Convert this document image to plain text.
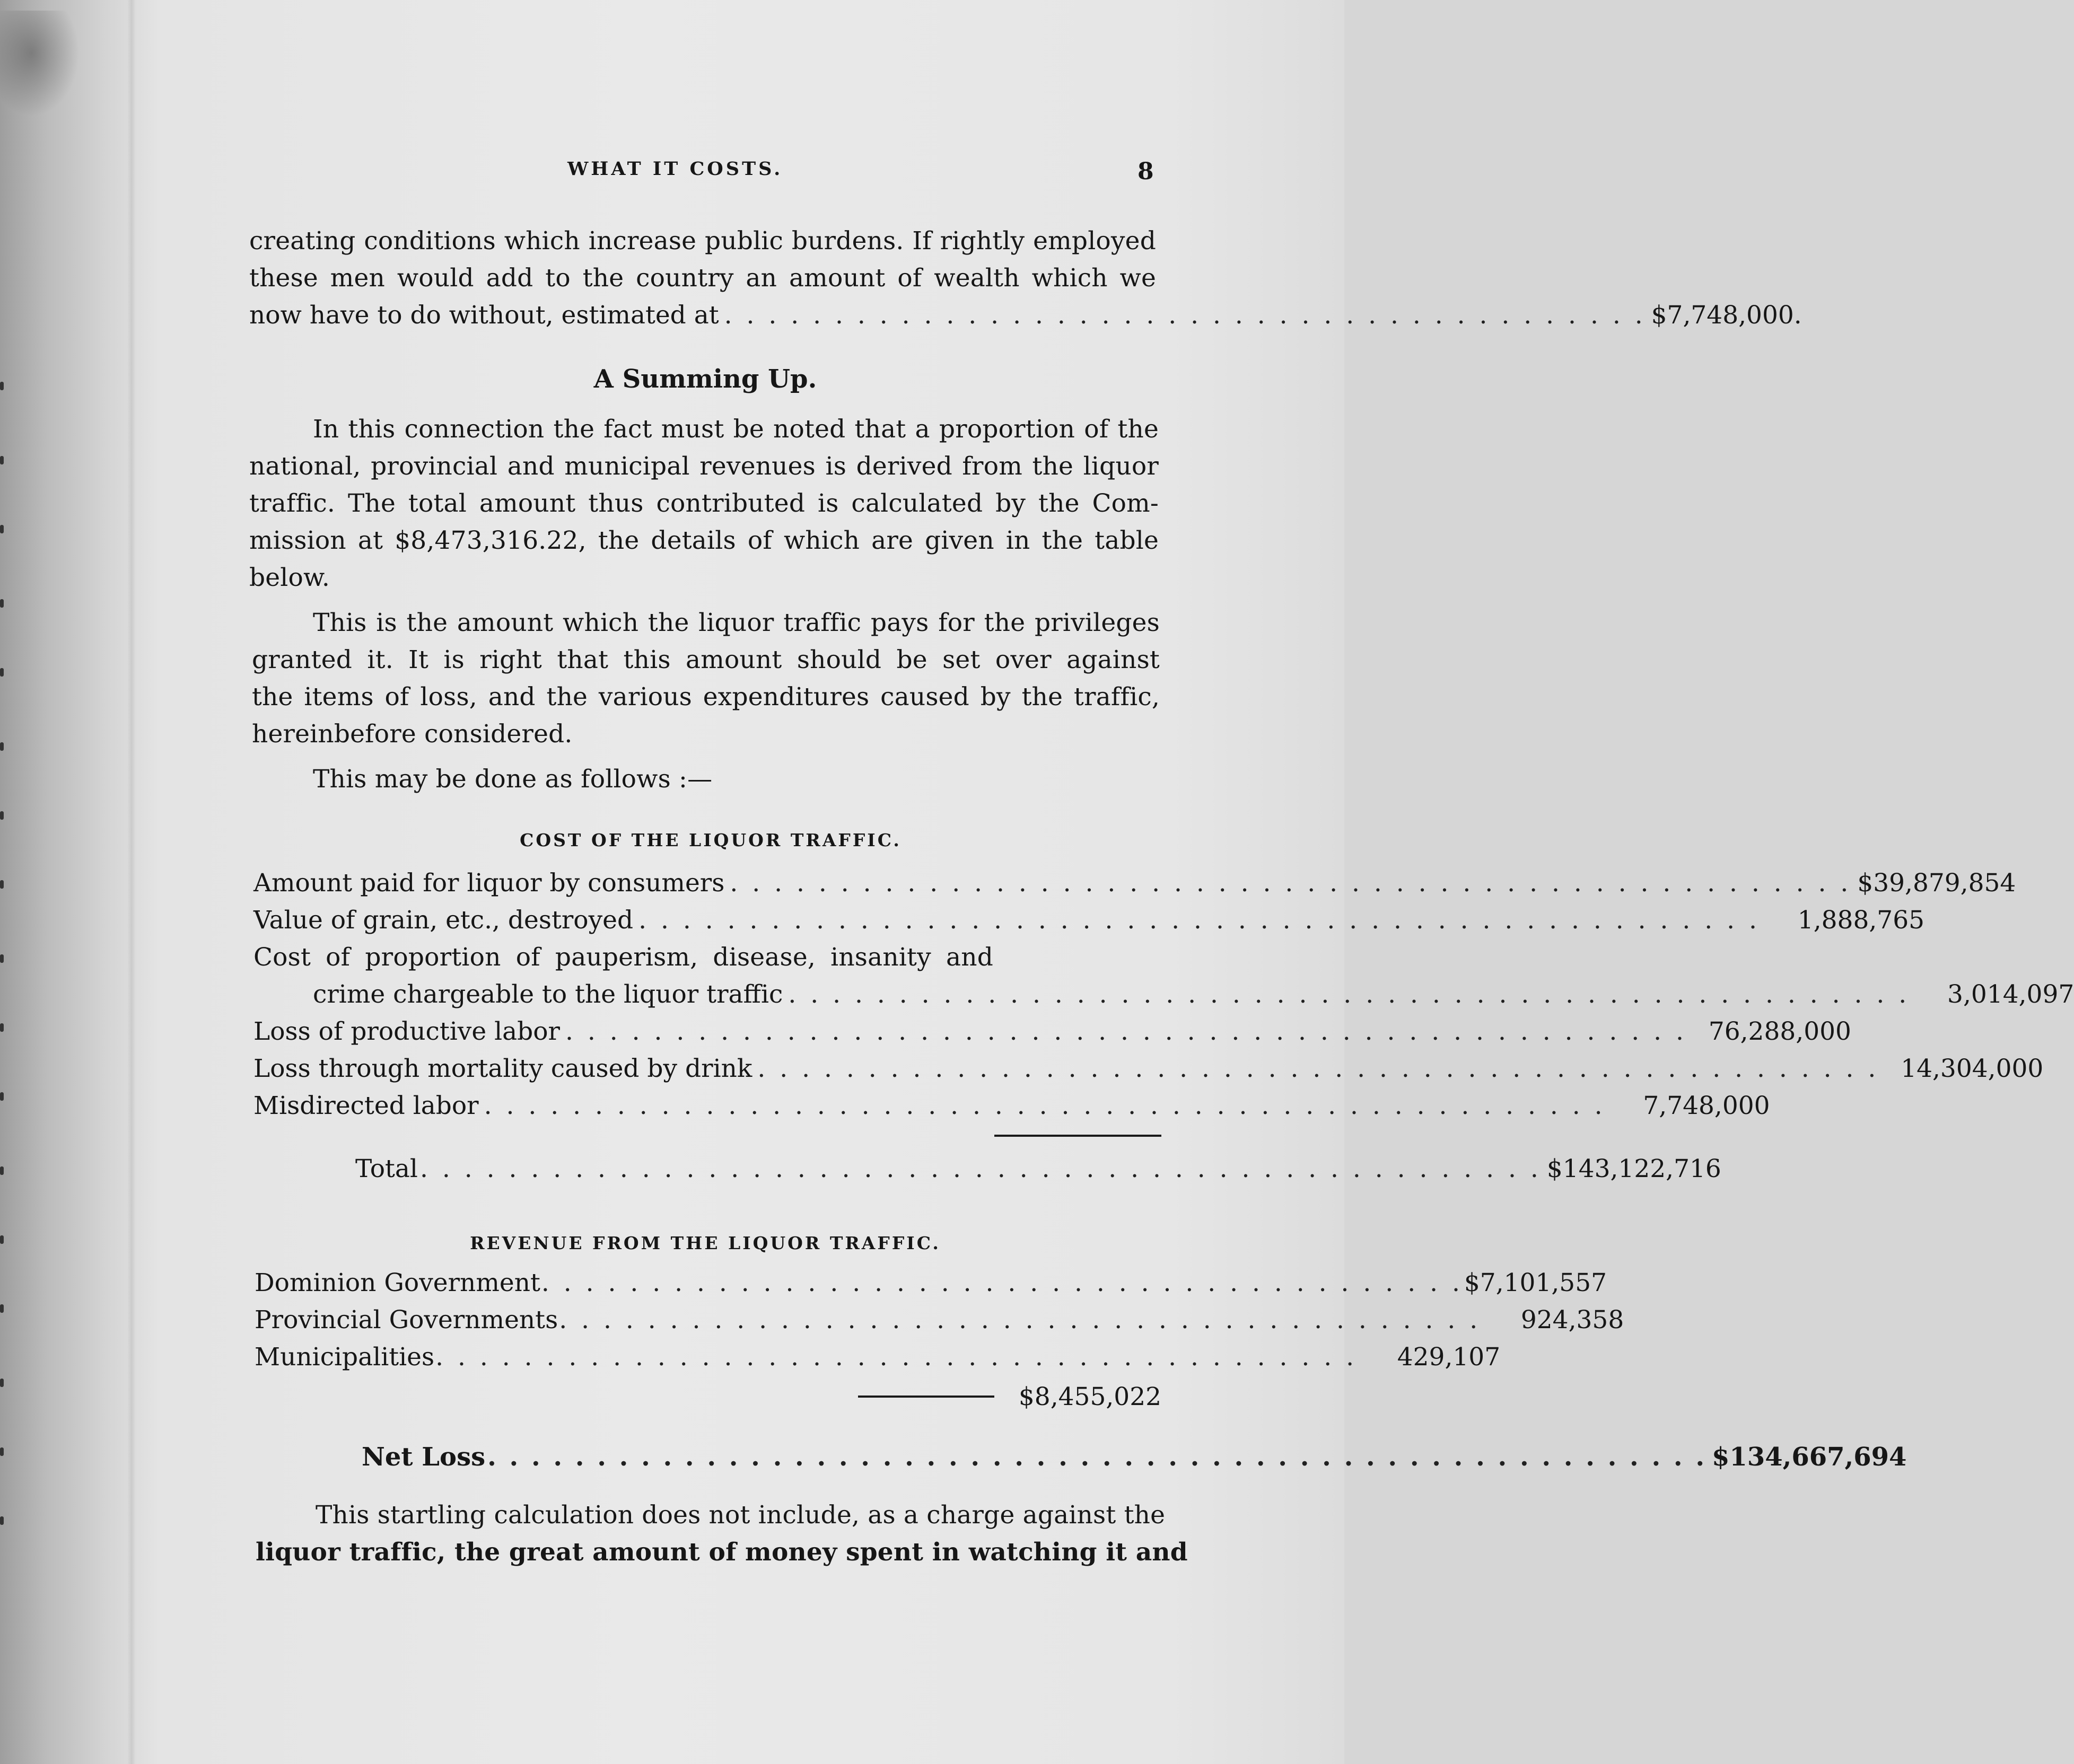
WHAT IT COSTS.	8
creating conditions which increase public burdens. If rightly employed
these men would add to the country an amount of wealth which we
now have to do without, estimated at . . . . . . . . . . . . . . . . . . . . . . . . . . . . . . . . . . . . . . . . . . $7,748,000.
A Summing Up.
In this connection the fact must be noted that a proportion of the
national, provincial and municipal revenues is derived from the liquor
traffic. The total amount thus contributed is calculated by the Com-
mission at $8,473,316.22, the details of which are given in the table
below.
This is the amount which the liquor traffic pays for the privileges
granted it. It is right that this amount should be set over against
the items of loss, and the various expenditures caused by the traffic,
hereinbefore considered.
This may be done as follows :—
COST OF THE LIQUOR TRAFFIC.
Amount paid for liquor by consumers . . . . . . . . . . . . . . . . . . . . . . . . . . . . . . . . . . . . . . . . . . . . . . . . . . . $39,879,854
Value of grain, etc., destroyed . . . . . . . . . . . . . . . . . . . . . . . . . . . . . . . . . . . . . . . . . . . . . . . . . . .	1,888,765
Cost of proportion of pauperism, disease, insanity and
crime chargeable to the liquor traffic . . . . . . . . . . . . . . . . . . . . . . . . . . . . . . . . . . . . . . . . . . . . . . . . . . .	3,014,097
Loss of productive labor . . . . . . . . . . . . . . . . . . . . . . . . . . . . . . . . . . . . . . . . . . . . . . . . . . . 76,288,000
Loss through mortality caused by drink . . . . . . . . . . . . . . . . . . . . . . . . . . . . . . . . . . . . . . . . . . . . . . . . . . . 14,304,000
Misdirected labor . . . . . . . . . . . . . . . . . . . . . . . . . . . . . . . . . . . . . . . . . . . . . . . . . . .	7,748,000
Total . . . . . . . . . . . . . . . . . . . . . . . . . . . . . . . . . . . . . . . . . . . . . . . . . . . $143,122,716
REVENUE FROM THE LIQUOR TRAFFIC.
Dominion Government . . . . . . . . . . . . . . . . . . . . . . . . . . . . . . . . . . . . . . . . . . $7,101,557
Provincial Governments . . . . . . . . . . . . . . . . . . . . . . . . . . . . . . . . . . . . . . . . . .	924,358
Municipalities . . . . . . . . . . . . . . . . . . . . . . . . . . . . . . . . . . . . . . . . . .	429,107
$8,455,022
Net Loss . . . . . . . . . . . . . . . . . . . . . . . . . . . . . . . . . . . . . . . . . . . . . . . . . . . . . . . . $134,667,694
This startling calculation does not include, as a charge against the
liquor traffic, the great amount of money spent in watching it and
